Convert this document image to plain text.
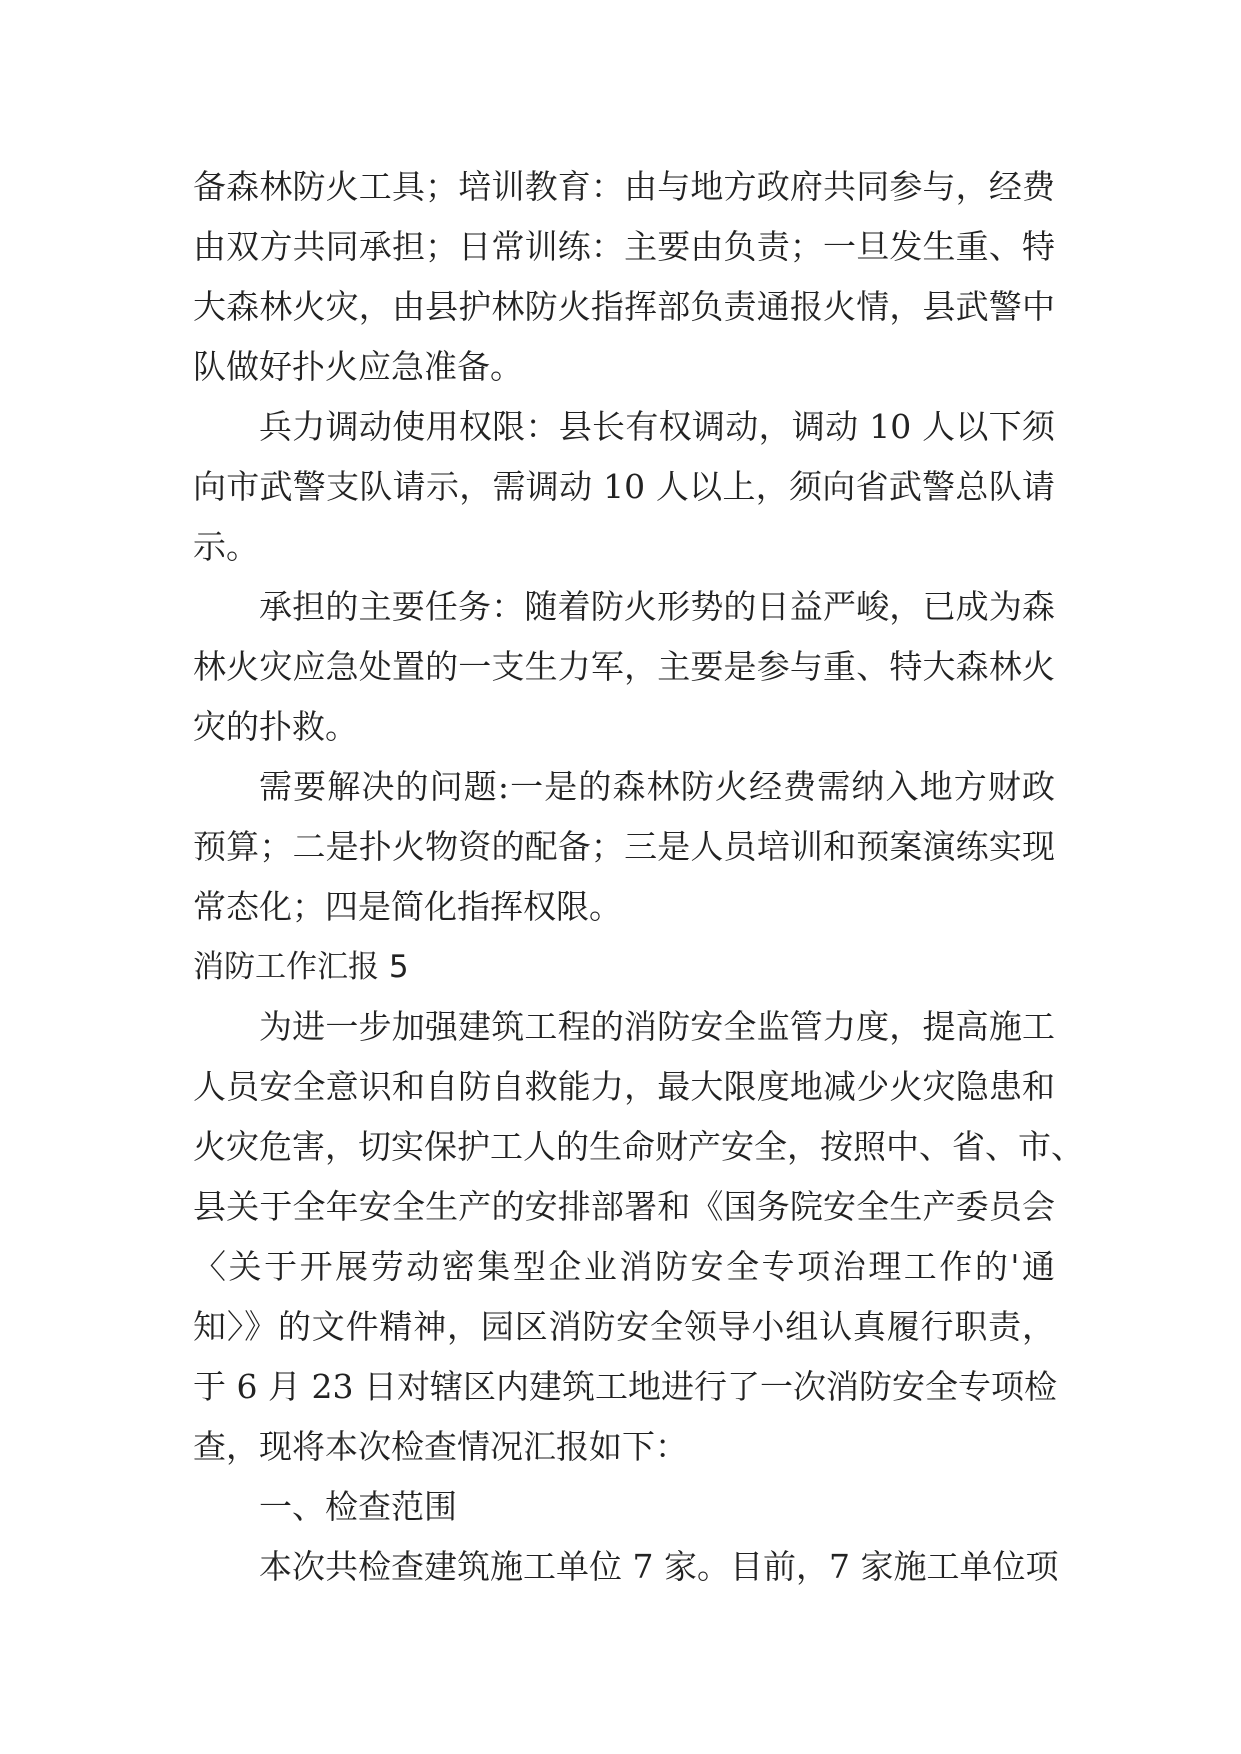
备森林防火工具；培训教育：由与地方政府共同参与，经费
由双方共同承担；日常训练：主要由负责；一旦发生重、特
大森林火灾，由县护林防火指挥部负责通报火情，县武警中
队做好扑火应急准备。
兵力调动使用权限：县长有权调动，调动 10 人以下须
向市武警支队请示，需调动 10 人以上，须向省武警总队请
示。
承担的主要任务：随着防火形势的日益严峻，已成为森
林火灾应急处置的一支生力军，主要是参与重、特大森林火
灾的扑救。
需要解决的问题:一是的森林防火经费需纳入地方财政
预算；二是扑火物资的配备；三是人员培训和预案演练实现
常态化；四是简化指挥权限。
消防工作汇报 5
为进一步加强建筑工程的消防安全监管力度，提高施工
人员安全意识和自防自救能力，最大限度地减少火灾隐患和
火灾危害，切实保护工人的生命财产安全，按照中、省、市、
县关于全年安全生产的安排部署和《国务院安全生产委员会
〈关于开展劳动密集型企业消防安全专项治理工作的'通
知〉》的文件精神，园区消防安全领导小组认真履行职责，
于 6 月 23 日对辖区内建筑工地进行了一次消防安全专项检
查，现将本次检查情况汇报如下：
一、检查范围
本次共检查建筑施工单位 7 家。目前，7 家施工单位项
